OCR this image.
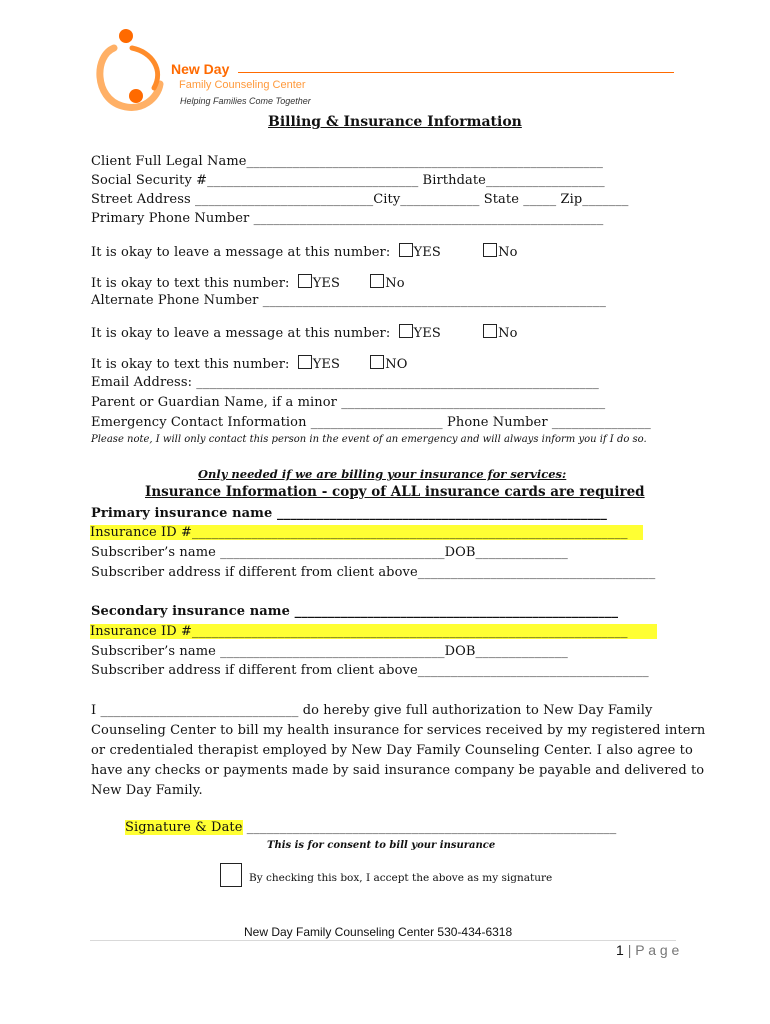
New Day
Family Counseling Center
Helping Families Come Together
Billing & Insurance Information
Client Full Legal Name______________________________________________________
Social Security #________________________________ Birthdate__________________
Street Address ___________________________City____________ State _____ Zip_______
Primary Phone Number _____________________________________________________
It is okay to leave a message at this number: YES	No
It is okay to text this number: YES	No
Alternate Phone Number ____________________________________________________
It is okay to leave a message at this number: YES	No
It is okay to text this number: YES	NO
Email Address: _____________________________________________________________
Parent or Guardian Name, if a minor ________________________________________
Emergency Contact Information ____________________ Phone Number _______________
Please note, I will only contact this person in the event of an emergency and will always inform you if I do so.
Only needed if we are billing your insurance for services:
Insurance Information - copy of ALL insurance cards are required
Primary insurance name __________________________________________________
Insurance ID #__________________________________________________________________
Subscriber’s name __________________________________DOB______________
Subscriber address if different from client above____________________________________
Secondary insurance name _________________________________________________
Insurance ID #__________________________________________________________________
Subscriber’s name __________________________________DOB______________
Subscriber address if different from client above___________________________________
I ______________________________ do hereby give full authorization to New Day Family
Counseling Center to bill my health insurance for services received by my registered intern
or credentialed therapist employed by New Day Family Counseling Center. I also agree to
have any checks or payments made by said insurance company be payable and delivered to
New Day Family.
Signature & Date ________________________________________________________
This is for consent to bill your insurance
By checking this box, I accept the above as my signature
New Day Family Counseling Center 530-434-6318
1 | P a g e
